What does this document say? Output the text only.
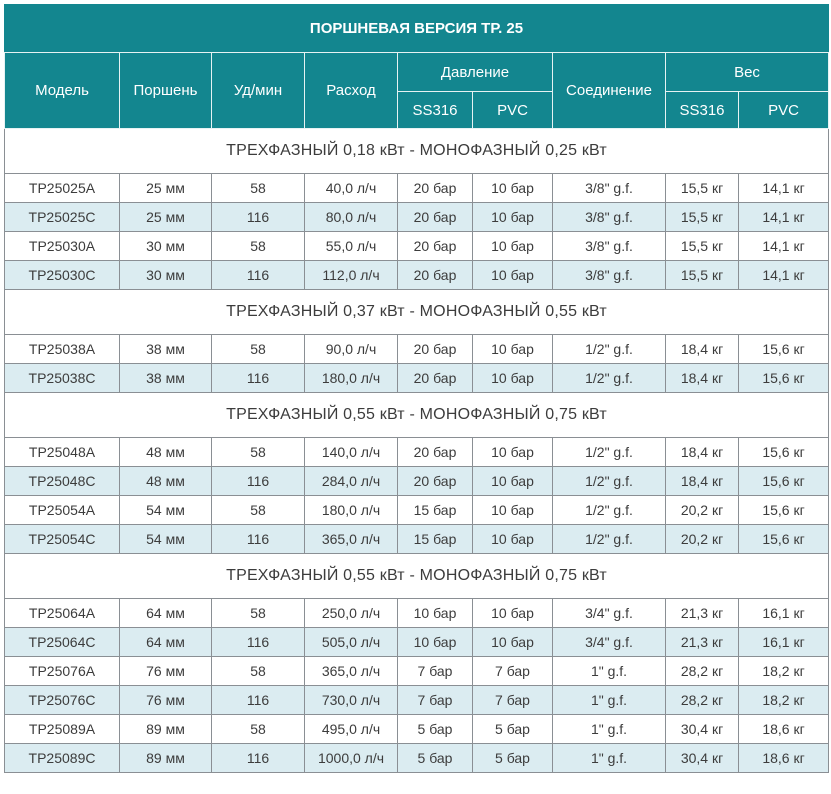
ПОРШНЕВАЯ ВЕРСИЯ ТР. 25								
Модель	Поршень	Уд/мин	Расход	Давление		Соединение	Вес	
				SS316	PVC		SS316	PVC
ТРЕХФАЗНЫЙ 0,18 кВт - МОНОФАЗНЫЙ 0,25 кВт								
TP25025A	25 мм	58	40,0 л/ч	20 бар	10 бар	3/8" g.f.	15,5 кг	14,1 кг
TP25025C	25 мм	116	80,0 л/ч	20 бар	10 бар	3/8" g.f.	15,5 кг	14,1 кг
TP25030A	30 мм	58	55,0 л/ч	20 бар	10 бар	3/8" g.f.	15,5 кг	14,1 кг
TP25030C	30 мм	116	112,0 л/ч	20 бар	10 бар	3/8" g.f.	15,5 кг	14,1 кг
ТРЕХФАЗНЫЙ 0,37 кВт - МОНОФАЗНЫЙ 0,55 кВт								
TP25038A	38 мм	58	90,0 л/ч	20 бар	10 бар	1/2" g.f.	18,4 кг	15,6 кг
TP25038C	38 мм	116	180,0 л/ч	20 бар	10 бар	1/2" g.f.	18,4 кг	15,6 кг
ТРЕХФАЗНЫЙ 0,55 кВт - МОНОФАЗНЫЙ 0,75 кВт								
TP25048A	48 мм	58	140,0 л/ч	20 бар	10 бар	1/2" g.f.	18,4 кг	15,6 кг
TP25048C	48 мм	116	284,0 л/ч	20 бар	10 бар	1/2" g.f.	18,4 кг	15,6 кг
TP25054A	54 мм	58	180,0 л/ч	15 бар	10 бар	1/2" g.f.	20,2 кг	15,6 кг
TP25054C	54 мм	116	365,0 л/ч	15 бар	10 бар	1/2" g.f.	20,2 кг	15,6 кг
ТРЕХФАЗНЫЙ 0,55 кВт - МОНОФАЗНЫЙ 0,75 кВт								
TP25064A	64 мм	58	250,0 л/ч	10 бар	10 бар	3/4" g.f.	21,3 кг	16,1 кг
TP25064C	64 мм	116	505,0 л/ч	10 бар	10 бар	3/4" g.f.	21,3 кг	16,1 кг
TP25076A	76 мм	58	365,0 л/ч	7 бар	7 бар	1" g.f.	28,2 кг	18,2 кг
TP25076C	76 мм	116	730,0 л/ч	7 бар	7 бар	1" g.f.	28,2 кг	18,2 кг
TP25089A	89 мм	58	495,0 л/ч	5 бар	5 бар	1" g.f.	30,4 кг	18,6 кг
TP25089C	89 мм	116	1000,0 л/ч	5 бар	5 бар	1" g.f.	30,4 кг	18,6 кг
